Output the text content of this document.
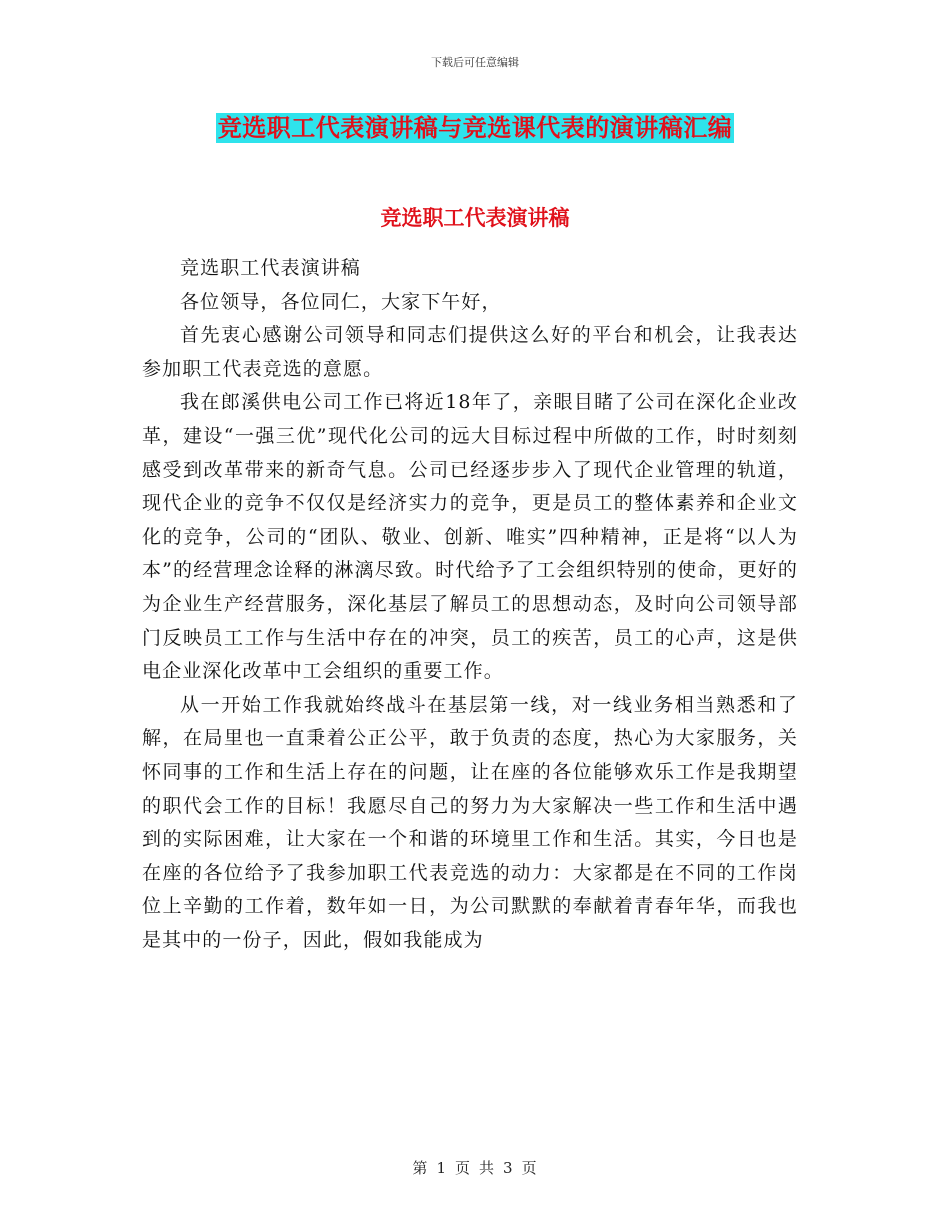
下载后可任意编辑
竞选职工代表演讲稿与竞选课代表的演讲稿汇编
竞选职工代表演讲稿

竞选职工代表演讲稿

各位领导，各位同仁，大家下午好，

首先衷心感谢公司领导和同志们提供这么好的平台和机会，让我表达参加职工代表竞选的意愿。

我在郎溪供电公司工作已将近18年了，亲眼目睹了公司在深化企业改革，建设“一强三优”现代化公司的远大目标过程中所做的工作，时时刻刻感受到改革带来的新奇气息。公司已经逐步步入了现代企业管理的轨道，现代企业的竞争不仅仅是经济实力的竞争，更是员工的整体素养和企业文化的竞争，公司的“团队、敬业、创新、唯实”四种精神，正是将“以人为本”的经营理念诠释的淋漓尽致。时代给予了工会组织特别的使命，更好的为企业生产经营服务，深化基层了解员工的思想动态，及时向公司领导部门反映员工工作与生活中存在的冲突，员工的疾苦，员工的心声，这是供电企业深化改革中工会组织的重要工作。

从一开始工作我就始终战斗在基层第一线，对一线业务相当熟悉和了解，在局里也一直秉着公正公平，敢于负责的态度，热心为大家服务，关怀同事的工作和生活上存在的问题，让在座的各位能够欢乐工作是我期望的职代会工作的目标！我愿尽自己的努力为大家解决一些工作和生活中遇到的实际困难，让大家在一个和谐的环境里工作和生活。其实，今日也是在座的各位给予了我参加职工代表竞选的动力：大家都是在不同的工作岗位上辛勤的工作着，数年如一日，为公司默默的奉献着青春年华，而我也是其中的一份子，因此，假如我能成为

第 1 页 共 3 页
